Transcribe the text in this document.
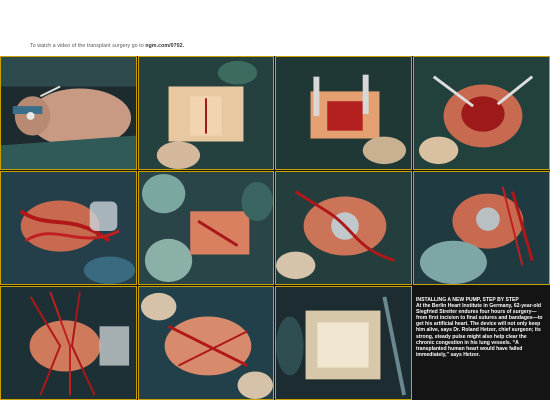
To watch a video of the transplant surgery go to ngm.com/0702.
INSTALLING A NEW PUMP, STEP BY STEP
At the Berlin Heart Institute in Germany, 62-year-old Siegfried Streiter endures four hours of surgery—from first incision to final sutures and bandages—to get his artificial heart. The device will not only keep him alive, says Dr. Roland Hetzer, chief surgeon; its strong, steady pulse might also help clear the chronic congestion in his lung vessels. “A transplanted human heart would have failed immediately,” says Hetzer.
